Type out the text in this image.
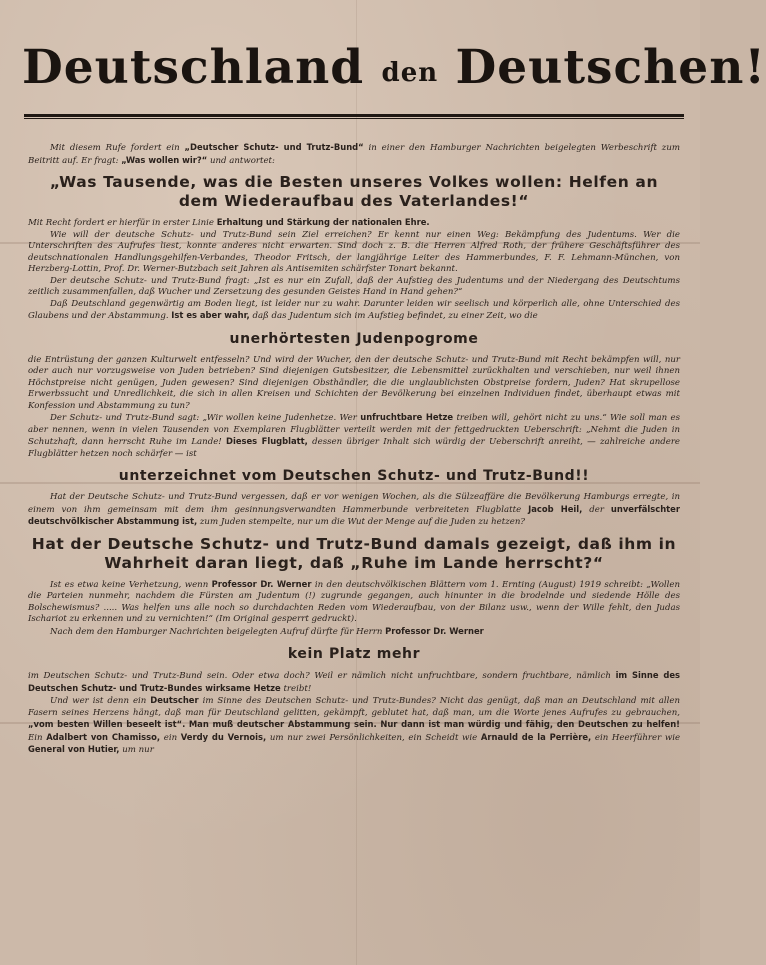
Deutschland den Deutschen!

Mit diesem Rufe fordert ein „Deutscher Schutz- und Trutz-Bund“ in einer den Hamburger Nachrichten beigelegten Werbeschrift zum Beitritt auf. Er fragt: „Was wollen wir?“ und antwortet:

„Was Tausende, was die Besten unseres Volkes wollen: Helfen an dem Wiederaufbau des Vaterlandes!“

Mit Recht fordert er hierfür in erster Linie Erhaltung und Stärkung der nationalen Ehre.

Wie will der deutsche Schutz- und Trutz-Bund sein Ziel erreichen? Er kennt nur einen Weg: Bekämpfung des Judentums. Wer die Unterschriften des Aufrufes liest, konnte anderes nicht erwarten. Sind doch z. B. die Herren Alfred Roth, der frühere Geschäftsführer des deutschnationalen Handlungsgehilfen-Verbandes, Theodor Fritsch, der langjährige Leiter des Hammerbundes, F. F. Lehmann-München, von Herzberg-Lottin, Prof. Dr. Werner-Butzbach seit Jahren als Antisemiten schärfster Tonart bekannt.

Der deutsche Schutz- und Trutz-Bund fragt: „Ist es nur ein Zufall, daß der Aufstieg des Judentums und der Niedergang des Deutschtums zeitlich zusammenfallen, daß Wucher und Zersetzung des gesunden Geistes Hand in Hand gehen?“

Daß Deutschland gegenwärtig am Boden liegt, ist leider nur zu wahr. Darunter leiden wir seelisch und körperlich alle, ohne Unterschied des Glaubens und der Abstammung. Ist es aber wahr, daß das Judentum sich im Aufstieg befindet, zu einer Zeit, wo die

unerhörtesten Judenpogrome

die Entrüstung der ganzen Kulturwelt entfesseln? Und wird der Wucher, den der deutsche Schutz- und Trutz-Bund mit Recht bekämpfen will, nur oder auch nur vorzugsweise von Juden betrieben? Sind diejenigen Gutsbesitzer, die Lebensmittel zurückhalten und verschieben, nur weil ihnen Höchstpreise nicht genügen, Juden gewesen? Sind diejenigen Obsthändler, die die unglaublichsten Obstpreise fordern, Juden? Hat skrupellose Erwerbssucht und Unredlichkeit, die sich in allen Kreisen und Schichten der Bevölkerung bei einzelnen Individuen findet, überhaupt etwas mit Konfession und Abstammung zu tun?

Der Schutz- und Trutz-Bund sagt: „Wir wollen keine Judenhetze. Wer unfruchtbare Hetze treiben will, gehört nicht zu uns.“ Wie soll man es aber nennen, wenn in vielen Tausenden von Exemplaren Flugblätter verteilt werden mit der fettgedruckten Ueberschrift: „Nehmt die Juden in Schutzhaft, dann herrscht Ruhe im Lande! Dieses Flugblatt, dessen übriger Inhalt sich würdig der Ueberschrift anreiht, — zahlreiche andere Flugblätter hetzen noch schärfer — ist

unterzeichnet vom Deutschen Schutz- und Trutz-Bund!!

Hat der Deutsche Schutz- und Trutz-Bund vergessen, daß er vor wenigen Wochen, als die Sülzeaffäre die Bevölkerung Hamburgs erregte, in einem von ihm gemeinsam mit dem ihm gesinnungsverwandten Hammerbunde verbreiteten Flugblatte Jacob Heil, der unverfälschter deutschvölkischer Abstammung ist, zum Juden stempelte, nur um die Wut der Menge auf die Juden zu hetzen?

Hat der Deutsche Schutz- und Trutz-Bund damals gezeigt, daß ihm in Wahrheit daran liegt, daß „Ruhe im Lande herrscht?“

Ist es etwa keine Verhetzung, wenn Professor Dr. Werner in den deutschvölkischen Blättern vom 1. Ernting (August) 1919 schreibt: „Wollen die Parteien nunmehr, nachdem die Fürsten am Judentum (!) zugrunde gegangen, auch hinunter in die brodelnde und siedende Hölle des Bolschewismus? ..... Was helfen uns alle noch so durchdachten Reden vom Wiederaufbau, von der Bilanz usw., wenn der Wille fehlt, den Judas Ischariot zu erkennen und zu vernichten!“ (Im Original gesperrt gedruckt).

Nach dem den Hamburger Nachrichten beigelegten Aufruf dürfte für Herrn Professor Dr. Werner

kein Platz mehr

im Deutschen Schutz- und Trutz-Bund sein. Oder etwa doch? Weil er nämlich nicht unfruchtbare, sondern fruchtbare, nämlich im Sinne des Deutschen Schutz- und Trutz-Bundes wirksame Hetze treibt!

Und wer ist denn ein Deutscher im Sinne des Deutschen Schutz- und Trutz-Bundes? Nicht das genügt, daß man an Deutschland mit allen Fasern seines Herzens hängt, daß man für Deutschland gelitten, gekämpft, geblutet hat, daß man, um die Worte jenes Aufrufes zu gebrauchen, „vom besten Willen beseelt ist“. Man muß deutscher Abstammung sein. Nur dann ist man würdig und fähig, den Deutschen zu helfen! Ein Adalbert von Chamisso, ein Verdy du Vernois, um nur zwei Persönlichkeiten, ein Scheidt wie Arnauld de la Perrière, ein Heerführer wie General von Hutier, um nur
